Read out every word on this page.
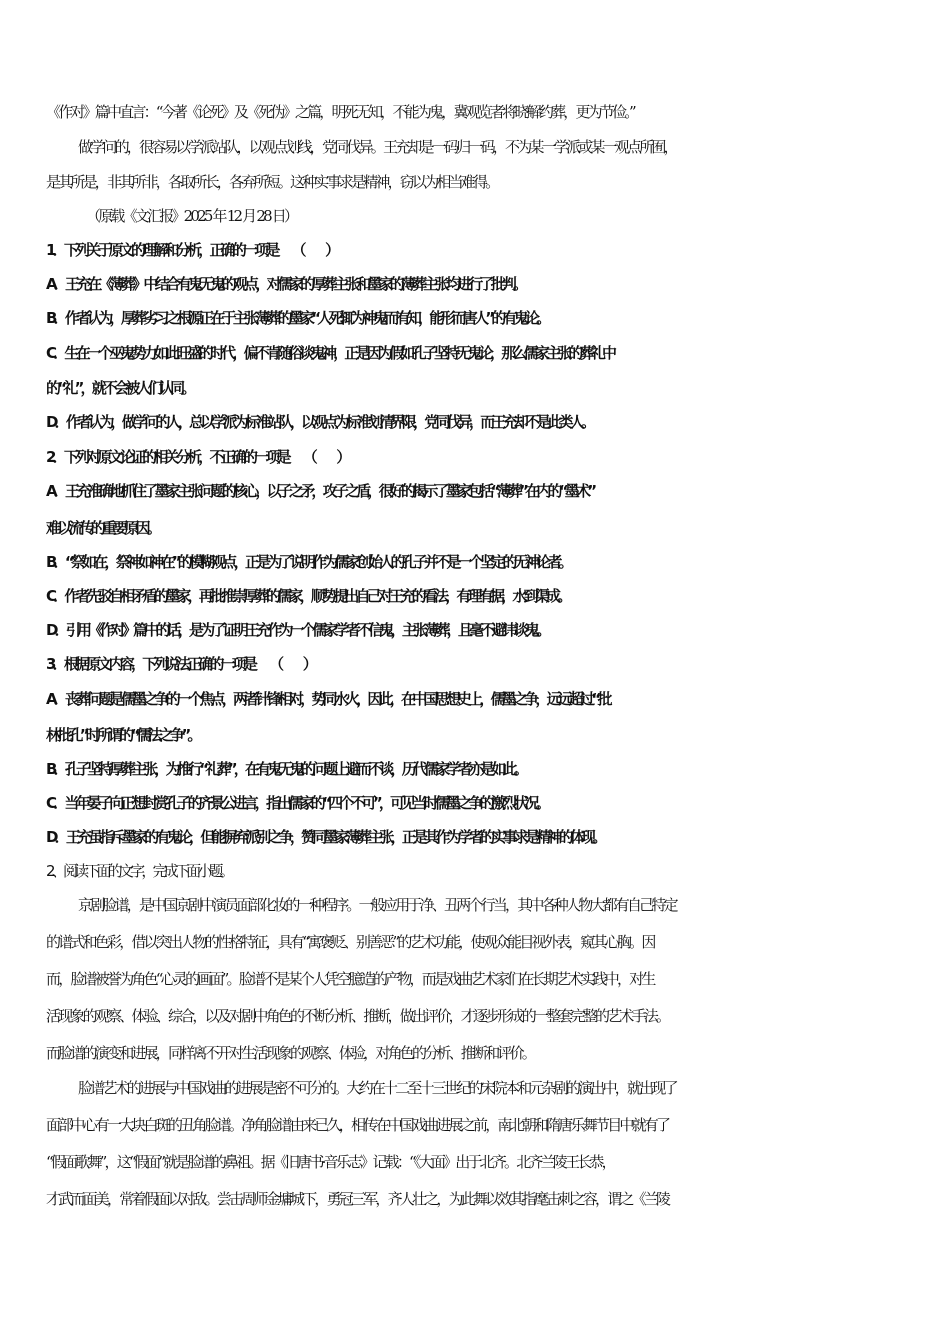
《作对》篇中直言：“今著《论死》及《死伪》之篇，明死无知，不能为鬼，冀观览者将晓解约葬，更为节俭。”
做学问的，很容易以学派站队，以观点划线，党同伐异。王充却是一码归一码，不为某一学派或某一观点所囿，
是其所是，非其所非，各取所长，各弃所短。这种实事求是精神，窃以为相当难得。
（原载《文汇报》2025 年 12 月 28 日）
1．下列关于原文的理解和分析，正确的一项是　　（　　）
A．王充在《薄葬》中结合有鬼无鬼的观点，对儒家的厚葬主张和墨家的薄葬主张均进行了批判。
B．作者认为，厚葬劣习之根源正在于主张薄葬的墨家“人死辄为神鬼而有知，能形而害人”的有鬼论。
C．生在一个巫鬼势力如此旺盛的时代，偏不肯随俗谈鬼神，正是因为假如孔子坚持无鬼论，那么儒家主张的葬礼中
的“礼”，就不会被人们认同。
D．作者认为，做学问的人，总以学派为标准站队，以观点为标准划清界限，党同伐异，而王充却不是此类人。
2．下列对原文论证的相关分析，不正确的一项是　　（　　）
A．王充准确地抓住了墨家主张问题的核心，以子之矛，攻子之盾，很好的揭示了墨家包括“薄葬”在内的“墨术”
难以流传的重要原因。
B．“祭如在，祭神如神在”的模糊观点，正是为了说明作为儒家创始人的孔子并不是一个坚定的无神论者。
C．作者先驳自相矛盾的墨家，再批推崇厚葬的儒家，顺势提出自己对王充的看法，有理有据，水到渠成。
D．引用《作对》篇中的话，是为了证明王充作为一个儒家学者不信鬼，主张薄葬，且毫不避讳谈鬼。
3．根据原文内容，下列说法正确的一项是　　（　　）
A．丧葬问题是儒墨之争的一个焦点，两者针锋相对，势同水火，因此，在中国思想史上，儒墨之争，远远超过“批
林批孔”时所谓的“儒法之争”。
B．孔子坚持厚葬主张，为推行“礼葬”，在有鬼无鬼的问题上避而不谈，历代儒家学者亦是如此。
C．当年晏子向正想封赏孔子的齐景公进言，指出儒家的“四个不可”，可见当时儒墨之争的激烈状况。
D．王充虽指斥墨家的有鬼论，但能摒弃派别之争，赞同墨家薄葬主张，正是其作为学者的实事求是精神的体现。
2、阅读下面的文字，完成下面小题。
京剧脸谱，是中国京剧中演员面部化妆的一种程序。一般应用于净、丑两个行当，其中各种人物大都有自己特定
的谱式和色彩，借以突出人物的性格特征，具有“寓褒贬、别善恶”的艺术功能，使观众能目视外表，窥其心胸。因
而，脸谱被誉为角色“心灵的画面”。脸谱不是某个人凭空臆造的产物，而是戏曲艺术家们在长期艺术实践中，对生
活现象的观察、体验、综合，以及对剧中角色的不断分析、推断，做出评价，才逐步形成的一整套完整的艺术手法。
而脸谱的演变和进展，同样离不开对生活现象的观察、体验，对角色的分析、推断和评价。
脸谱艺术的进展与中国戏曲的进展是密不可分的。大约在十二至十三世纪的宋院本和元杂剧的演出中，就出现了
面部中心有一大块白斑的丑角脸谱。净角脸谱由来已久，相传在中国戏曲进展之前，南北朝和隋唐乐舞节目中就有了
“假面歌舞”，这“假面”就是脸谱的鼻祖。据《旧唐书·音乐志》记载：“《大面》出于北齐。北齐兰陵王长恭，
才武而面美，常着假面以对敌。尝击周师金墉城下，勇冠三军，齐人壮之，为此舞以效其指麾击刺之容，谓之《兰陵
